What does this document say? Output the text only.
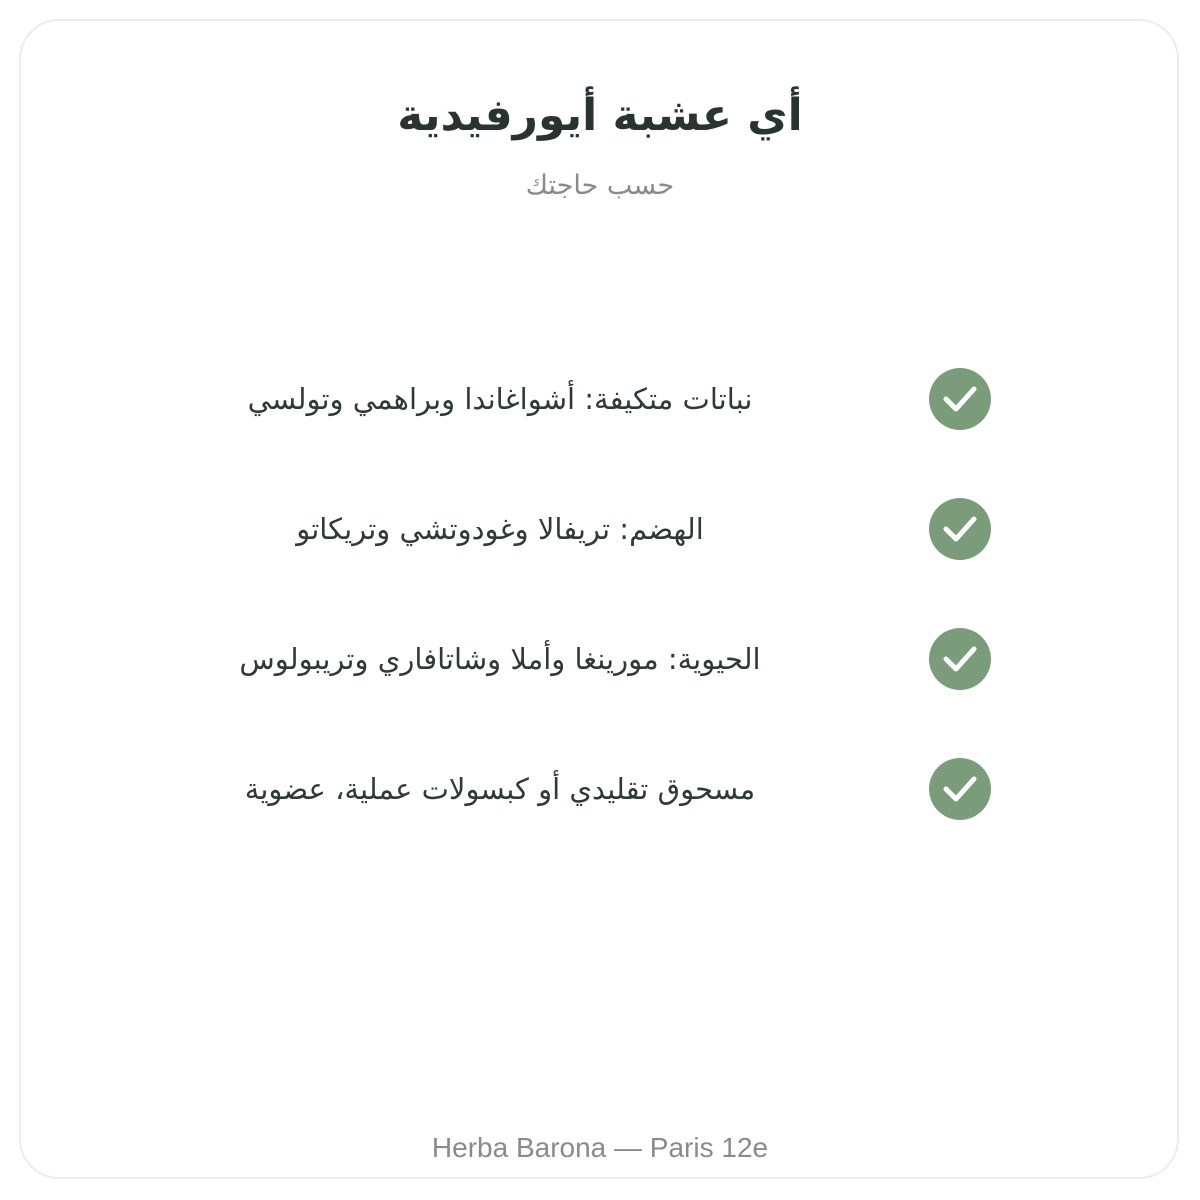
أي عشبة أيورفيدية
حسب حاجتك
نباتات متكيفة: أشواغاندا وبراهمي وتولسي
الهضم: تريفالا وغودوتشي وتريكاتو
الحيوية: مورينغا وأملا وشاتافاري وتريبولوس
مسحوق تقليدي أو كبسولات عملية، عضوية
Herba Barona — Paris 12e
